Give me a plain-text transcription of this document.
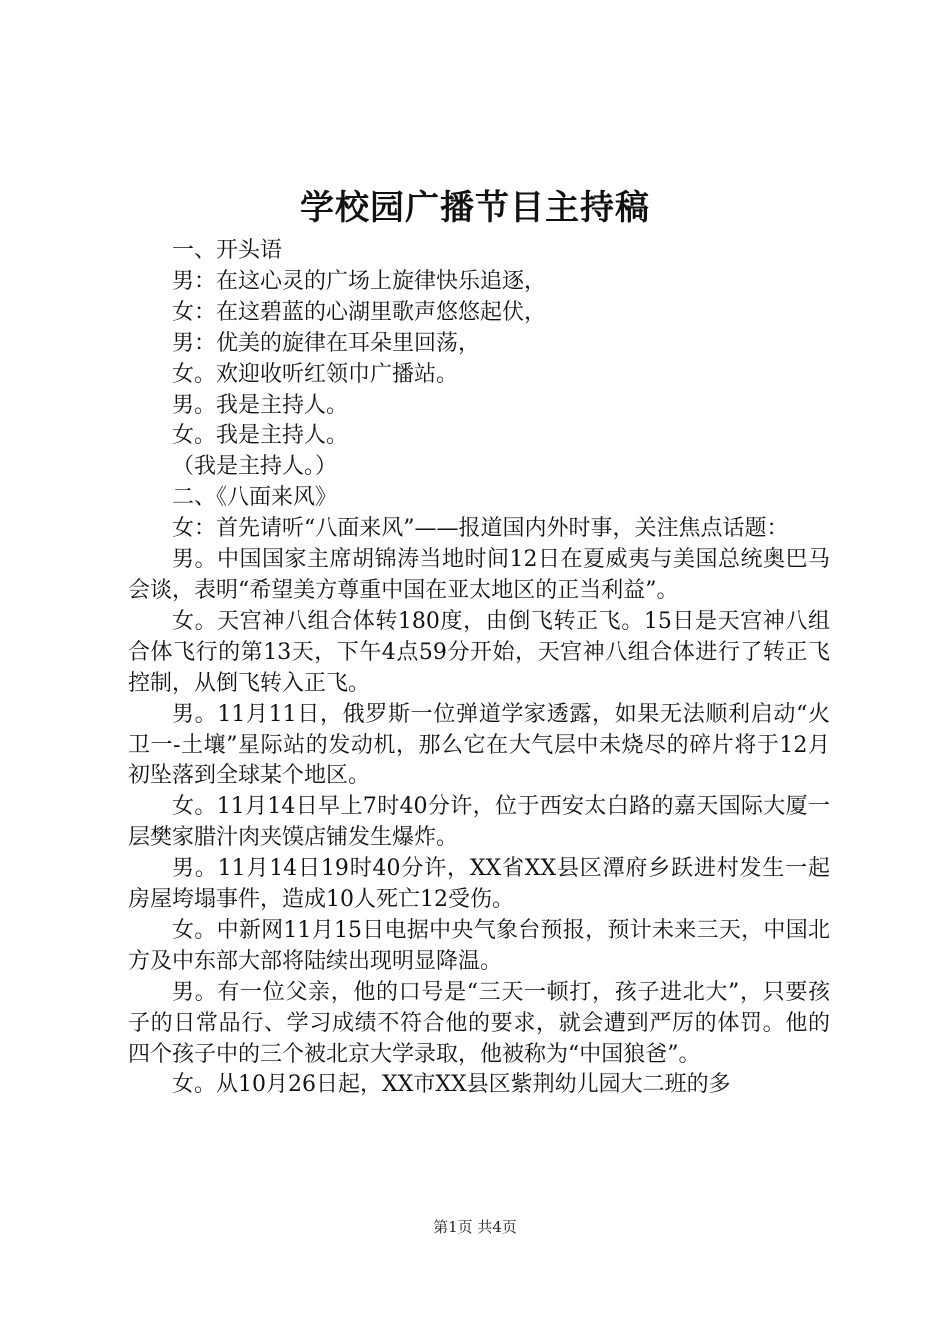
学校园广播节目主持稿

一、开头语

男：在这心灵的广场上旋律快乐追逐，

女：在这碧蓝的心湖里歌声悠悠起伏，

男：优美的旋律在耳朵里回荡，

女。欢迎收听红领巾广播站。

男。我是主持人。

女。我是主持人。

（我是主持人。）

二、《八面来风》

女：首先请听“八面来风”——报道国内外时事，关注焦点话题：

男。中国国家主席胡锦涛当地时间12日在夏威夷与美国总统奥巴马会谈，表明“希望美方尊重中国在亚太地区的正当利益”。

女。天宫神八组合体转180度，由倒飞转正飞。15日是天宫神八组合体飞行的第13天，下午4点59分开始，天宫神八组合体进行了转正飞控制，从倒飞转入正飞。

男。11月11日，俄罗斯一位弹道学家透露，如果无法顺利启动“火卫一-土壤”星际站的发动机，那么它在大气层中未烧尽的碎片将于12月初坠落到全球某个地区。

女。11月14日早上7时40分许，位于西安太白路的嘉天国际大厦一层樊家腊汁肉夹馍店铺发生爆炸。

男。11月14日19时40分许，XX省XX县区潭府乡跃进村发生一起房屋垮塌事件，造成10人死亡12受伤。

女。中新网11月15日电据中央气象台预报，预计未来三天，中国北方及中东部大部将陆续出现明显降温。

男。有一位父亲，他的口号是“三天一顿打，孩子进北大”，只要孩子的日常品行、学习成绩不符合他的要求，就会遭到严厉的体罚。他的四个孩子中的三个被北京大学录取，他被称为“中国狼爸”。

女。从10月26日起，XX市XX县区紫荆幼儿园大二班的多

第1页 共4页
